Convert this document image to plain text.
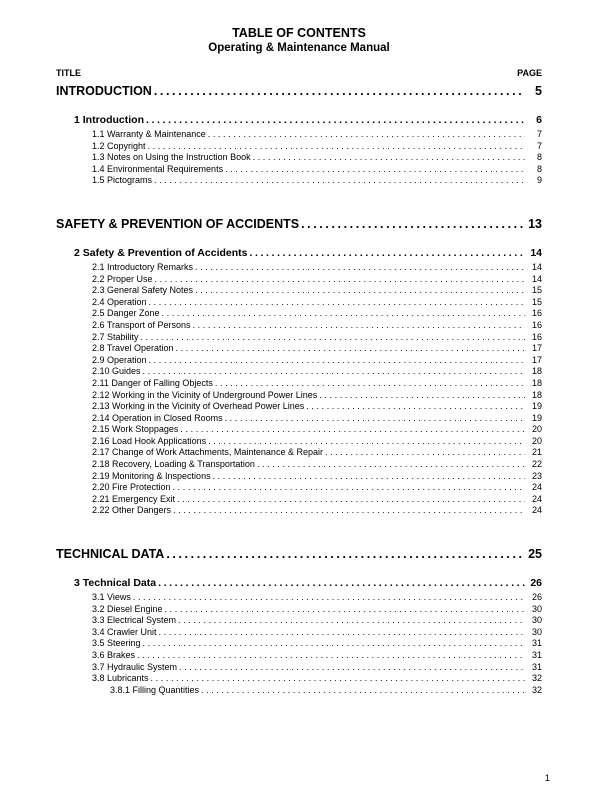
TABLE OF CONTENTS
Operating & Maintenance Manual
TITLE	PAGE
INTRODUCTION .....	5
1 Introduction .....	6
1.1 Warranty & Maintenance .....	7
1.2 Copyright .....	7
1.3 Notes on Using the Instruction Book .....	8
1.4 Environmental Requirements .....	8
1.5 Pictograms .....	9
SAFETY & PREVENTION OF ACCIDENTS .....	13
2 Safety & Prevention of Accidents .....	14
2.1 Introductory Remarks .....	14
2.2 Proper Use .....	14
2.3 General Safety Notes .....	15
2.4 Operation .....	15
2.5 Danger Zone .....	16
2.6 Transport of Persons .....	16
2.7 Stability .....	16
2.8 Travel Operation .....	17
2.9 Operation .....	17
2.10 Guides .....	18
2.11 Danger of Falling Objects .....	18
2.12 Working in the Vicinity of Underground Power Lines .....	18
2.13 Working in the Vicinity of Overhead Power Lines .....	19
2.14 Operation in Closed Rooms .....	19
2.15 Work Stoppages .....	20
2.16 Load Hook Applications .....	20
2.17 Change of Work Attachments, Maintenance & Repair .....	21
2.18 Recovery, Loading & Transportation .....	22
2.19 Monitoring & Inspections .....	23
2.20 Fire Protection .....	24
2.21 Emergency Exit .....	24
2.22 Other Dangers .....	24
TECHNICAL DATA .....	25
3 Technical Data .....	26
3.1 Views .....	26
3.2 Diesel Engine .....	30
3.3 Electrical System .....	30
3.4 Crawler Unit .....	30
3.5 Steering .....	31
3.6 Brakes .....	31
3.7 Hydraulic System .....	31
3.8 Lubricants .....	32
3.8.1 Filling Quantities .....	32
1
